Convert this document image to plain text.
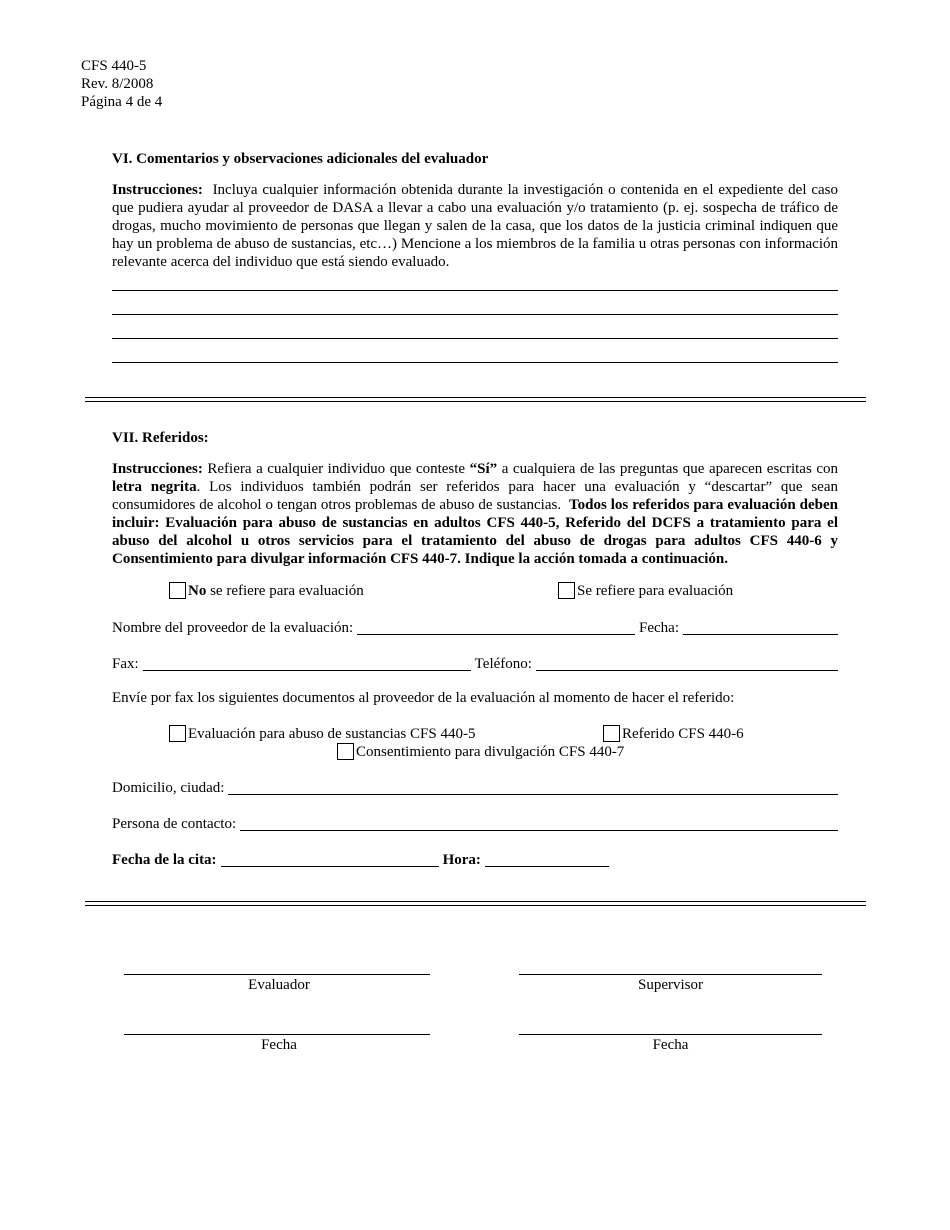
CFS 440-5
Rev. 8/2008
Página 4 de 4
VI. Comentarios y observaciones adicionales del evaluador
Instrucciones: Incluya cualquier información obtenida durante la investigación o contenida en el expediente del caso que pudiera ayudar al proveedor de DASA a llevar a cabo una evaluación y/o tratamiento (p. ej. sospecha de tráfico de drogas, mucho movimiento de personas que llegan y salen de la casa, que los datos de la justicia criminal indiquen que hay un problema de abuso de sustancias, etc…) Mencione a los miembros de la familia u otras personas con información relevante acerca del individuo que está siendo evaluado.
VII. Referidos:
Instrucciones: Refiera a cualquier individuo que conteste “Sí” a cualquiera de las preguntas que aparecen escritas con letra negrita. Los individuos también podrán ser referidos para hacer una evaluación y “descartar” que sean consumidores de alcohol o tengan otros problemas de abuso de sustancias. Todos los referidos para evaluación deben incluir: Evaluación para abuso de sustancias en adultos CFS 440-5, Referido del DCFS a tratamiento para el abuso del alcohol u otros servicios para el tratamiento del abuso de drogas para adultos CFS 440-6 y Consentimiento para divulgar información CFS 440-7. Indique la acción tomada a continuación.
No se refiere para evaluación	Se refiere para evaluación
Nombre del proveedor de la evaluación:	Fecha:
Fax:	Teléfono:
Envíe por fax los siguientes documentos al proveedor de la evaluación al momento de hacer el referido:
Evaluación para abuso de sustancias CFS 440-5	Referido CFS 440-6
Consentimiento para divulgación CFS 440-7
Domicilio, ciudad:
Persona de contacto:
Fecha de la cita:	Hora:
Evaluador	Supervisor
Fecha	Fecha
